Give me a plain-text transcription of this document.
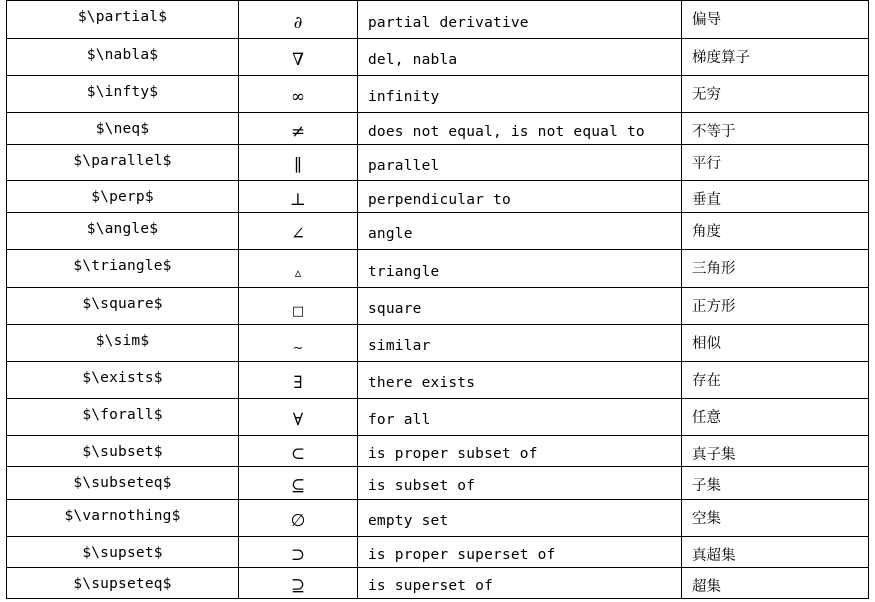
$\partial$	∂	partial derivative	偏导
$\nabla$	∇	del, nabla	梯度算子
$\infty$	∞	infinity	无穷
$\neq$	≠	does not equal, is not equal to	不等于
$\parallel$	∥	parallel	平行
$\perp$	⊥	perpendicular to	垂直
$\angle$	∠	angle	角度
$\triangle$	▵	triangle	三角形
$\square$	□	square	正方形
$\sim$	∼	similar	相似
$\exists$	∃	there exists	存在
$\forall$	∀	for all	任意
$\subset$	⊂	is proper subset of	真子集
$\subseteq$	⊆	is subset of	子集
$\varnothing$	∅	empty set	空集
$\supset$	⊃	is proper superset of	真超集
$\supseteq$	⊇	is superset of	超集
